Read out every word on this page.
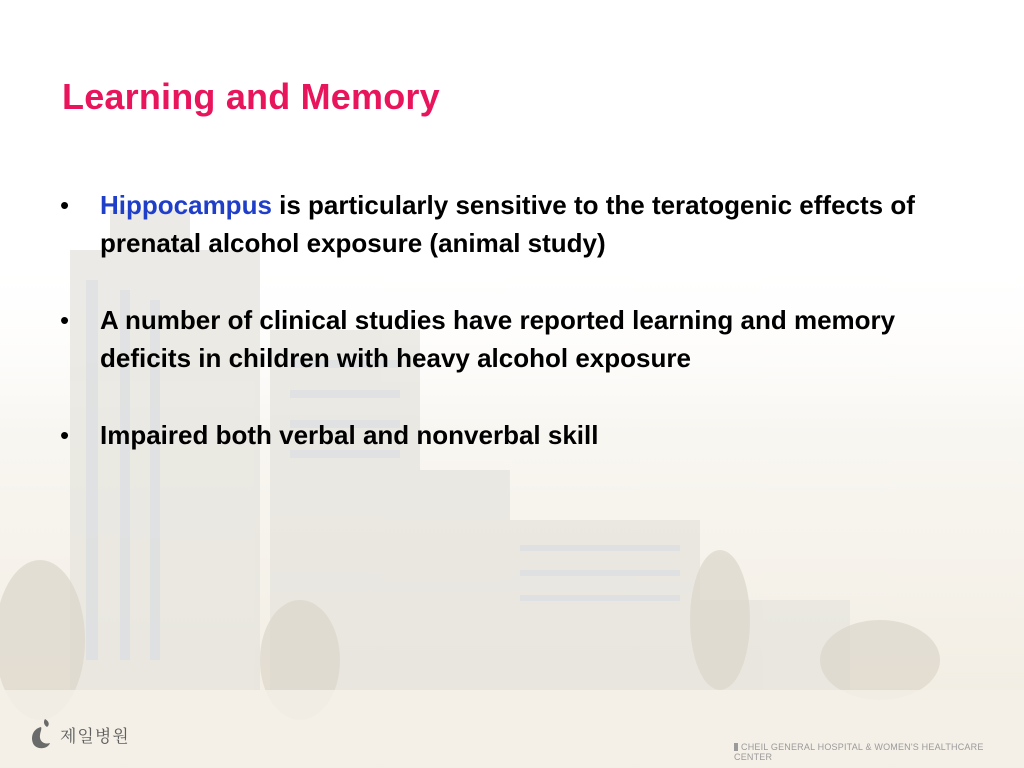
Learning and Memory
• Hippocampus is particularly sensitive to the teratogenic effects of prenatal alcohol exposure (animal study)
• A number of clinical studies have reported learning and memory deficits in children with heavy alcohol exposure
• Impaired both verbal and nonverbal skill
제일병원
CHEIL GENERAL HOSPITAL & WOMEN'S HEALTHCARE CENTER
